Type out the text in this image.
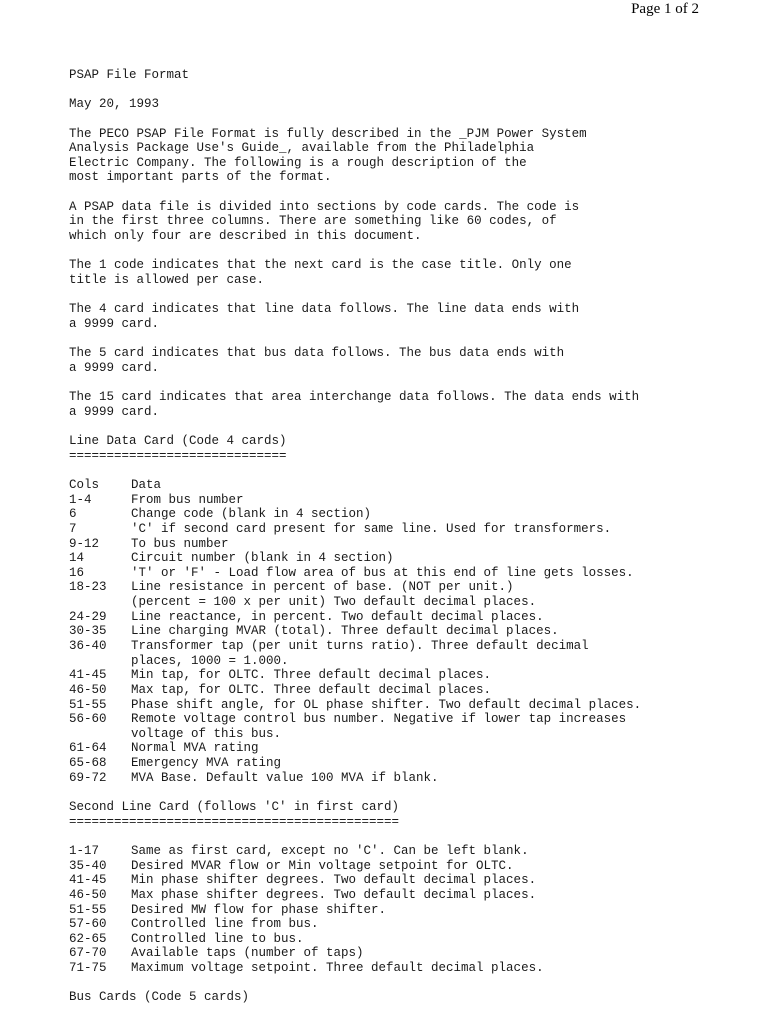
Page 1 of 2
PSAP File Format
May 20, 1993
The PECO PSAP File Format is fully described in the _PJM Power System
Analysis Package Use's Guide_, available from the Philadelphia
Electric Company. The following is a rough description of the
most important parts of the format.
A PSAP data file is divided into sections by code cards. The code is
in the first three columns. There are something like 60 codes, of
which only four are described in this document.
The 1 code indicates that the next card is the case title. Only one
title is allowed per case.
The 4 card indicates that line data follows. The line data ends with
a 9999 card.
The 5 card indicates that bus data follows. The bus data ends with
a 9999 card.
The 15 card indicates that area interchange data follows. The data ends with
a 9999 card.
Line Data Card (Code 4 cards)
=============================
Cols	Data
1-4	From bus number
6	Change code (blank in 4 section)
7	'C' if second card present for same line. Used for transformers.
9-12	To bus number
14	Circuit number (blank in 4 section)
16	'T' or 'F' - Load flow area of bus at this end of line gets losses.
18-23 Line resistance in percent of base. (NOT per unit.)
(percent = 100 x per unit) Two default decimal places.
24-29 Line reactance, in percent. Two default decimal places.
30-35 Line charging MVAR (total). Three default decimal places.
36-40 Transformer tap (per unit turns ratio). Three default decimal
places, 1000 = 1.000.
41-45 Min tap, for OLTC. Three default decimal places.
46-50 Max tap, for OLTC. Three default decimal places.
51-55 Phase shift angle, for OL phase shifter. Two default decimal places.
56-60 Remote voltage control bus number. Negative if lower tap increases
voltage of this bus.
61-64 Normal MVA rating
65-68 Emergency MVA rating
69-72 MVA Base. Default value 100 MVA if blank.
Second Line Card (follows 'C' in first card)
============================================
1-17	Same as first card, except no 'C'. Can be left blank.
35-40 Desired MVAR flow or Min voltage setpoint for OLTC.
41-45 Min phase shifter degrees. Two default decimal places.
46-50 Max phase shifter degrees. Two default decimal places.
51-55 Desired MW flow for phase shifter.
57-60 Controlled line from bus.
62-65 Controlled line to bus.
67-70 Available taps (number of taps)
71-75 Maximum voltage setpoint. Three default decimal places.
Bus Cards (Code 5 cards)
